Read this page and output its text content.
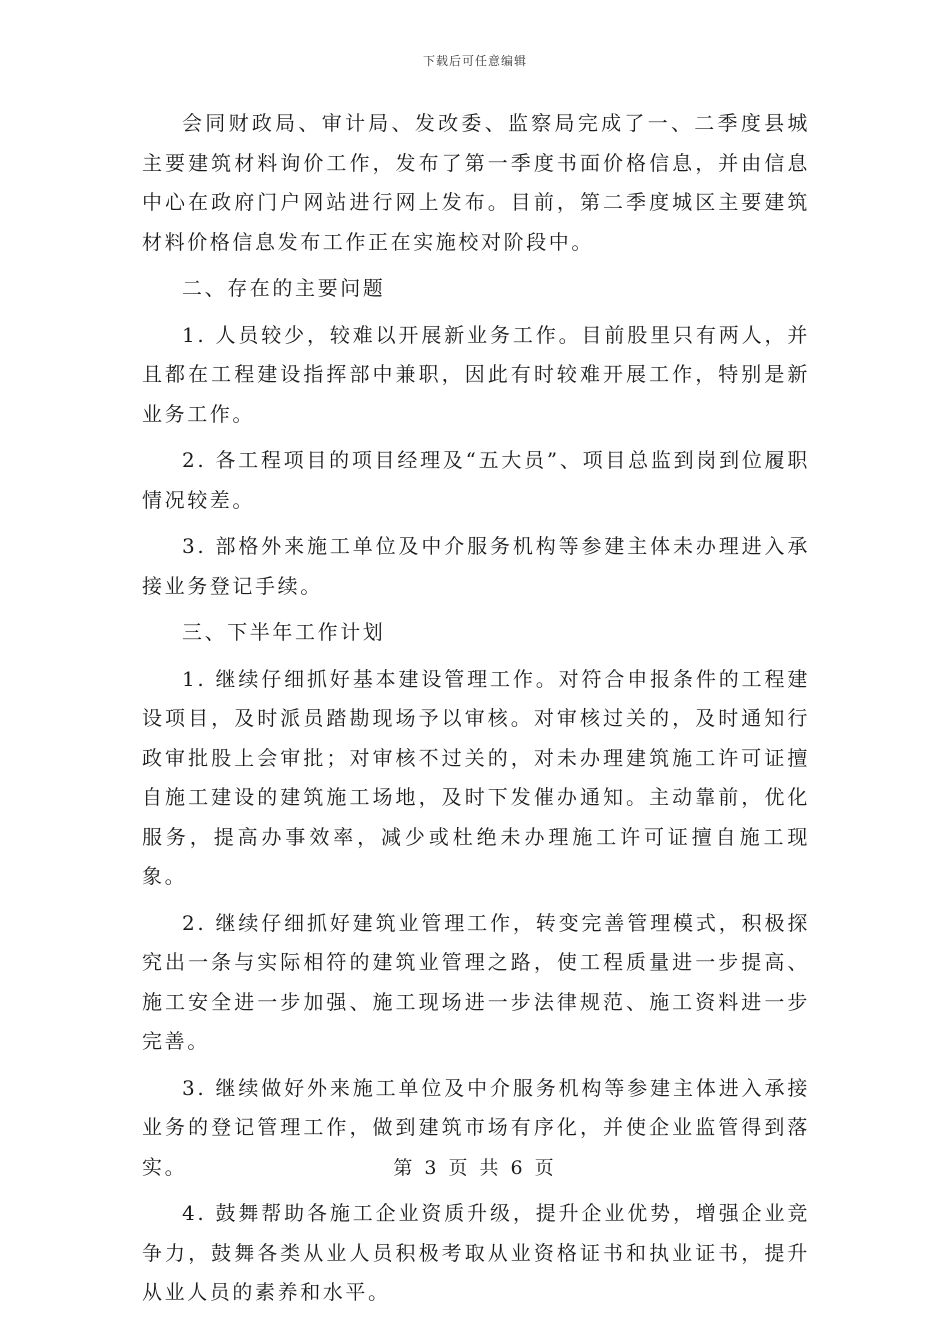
下载后可任意编辑

会同财政局、审计局、发改委、监察局完成了一、二季度县城主要建筑材料询价工作，发布了第一季度书面价格信息，并由信息中心在政府门户网站进行网上发布。目前，第二季度城区主要建筑材料价格信息发布工作正在实施校对阶段中。

二、存在的主要问题

1. 人员较少，较难以开展新业务工作。目前股里只有两人，并且都在工程建设指挥部中兼职，因此有时较难开展工作，特别是新业务工作。

2. 各工程项目的项目经理及“五大员”、项目总监到岗到位履职情况较差。

3. 部格外来施工单位及中介服务机构等参建主体未办理进入承接业务登记手续。

三、下半年工作计划

1. 继续仔细抓好基本建设管理工作。对符合申报条件的工程建设项目，及时派员踏勘现场予以审核。对审核过关的，及时通知行政审批股上会审批；对审核不过关的，对未办理建筑施工许可证擅自施工建设的建筑施工场地，及时下发催办通知。主动靠前，优化服务，提高办事效率，减少或杜绝未办理施工许可证擅自施工现象。

2. 继续仔细抓好建筑业管理工作，转变完善管理模式，积极探究出一条与实际相符的建筑业管理之路，使工程质量进一步提高、施工安全进一步加强、施工现场进一步法律规范、施工资料进一步完善。

3. 继续做好外来施工单位及中介服务机构等参建主体进入承接业务的登记管理工作，做到建筑市场有序化，并使企业监管得到落实。

4. 鼓舞帮助各施工企业资质升级，提升企业优势，增强企业竞争力，鼓舞各类从业人员积极考取从业资格证书和执业证书，提升从业人员的素养和水平。

第 3 页 共 6 页
